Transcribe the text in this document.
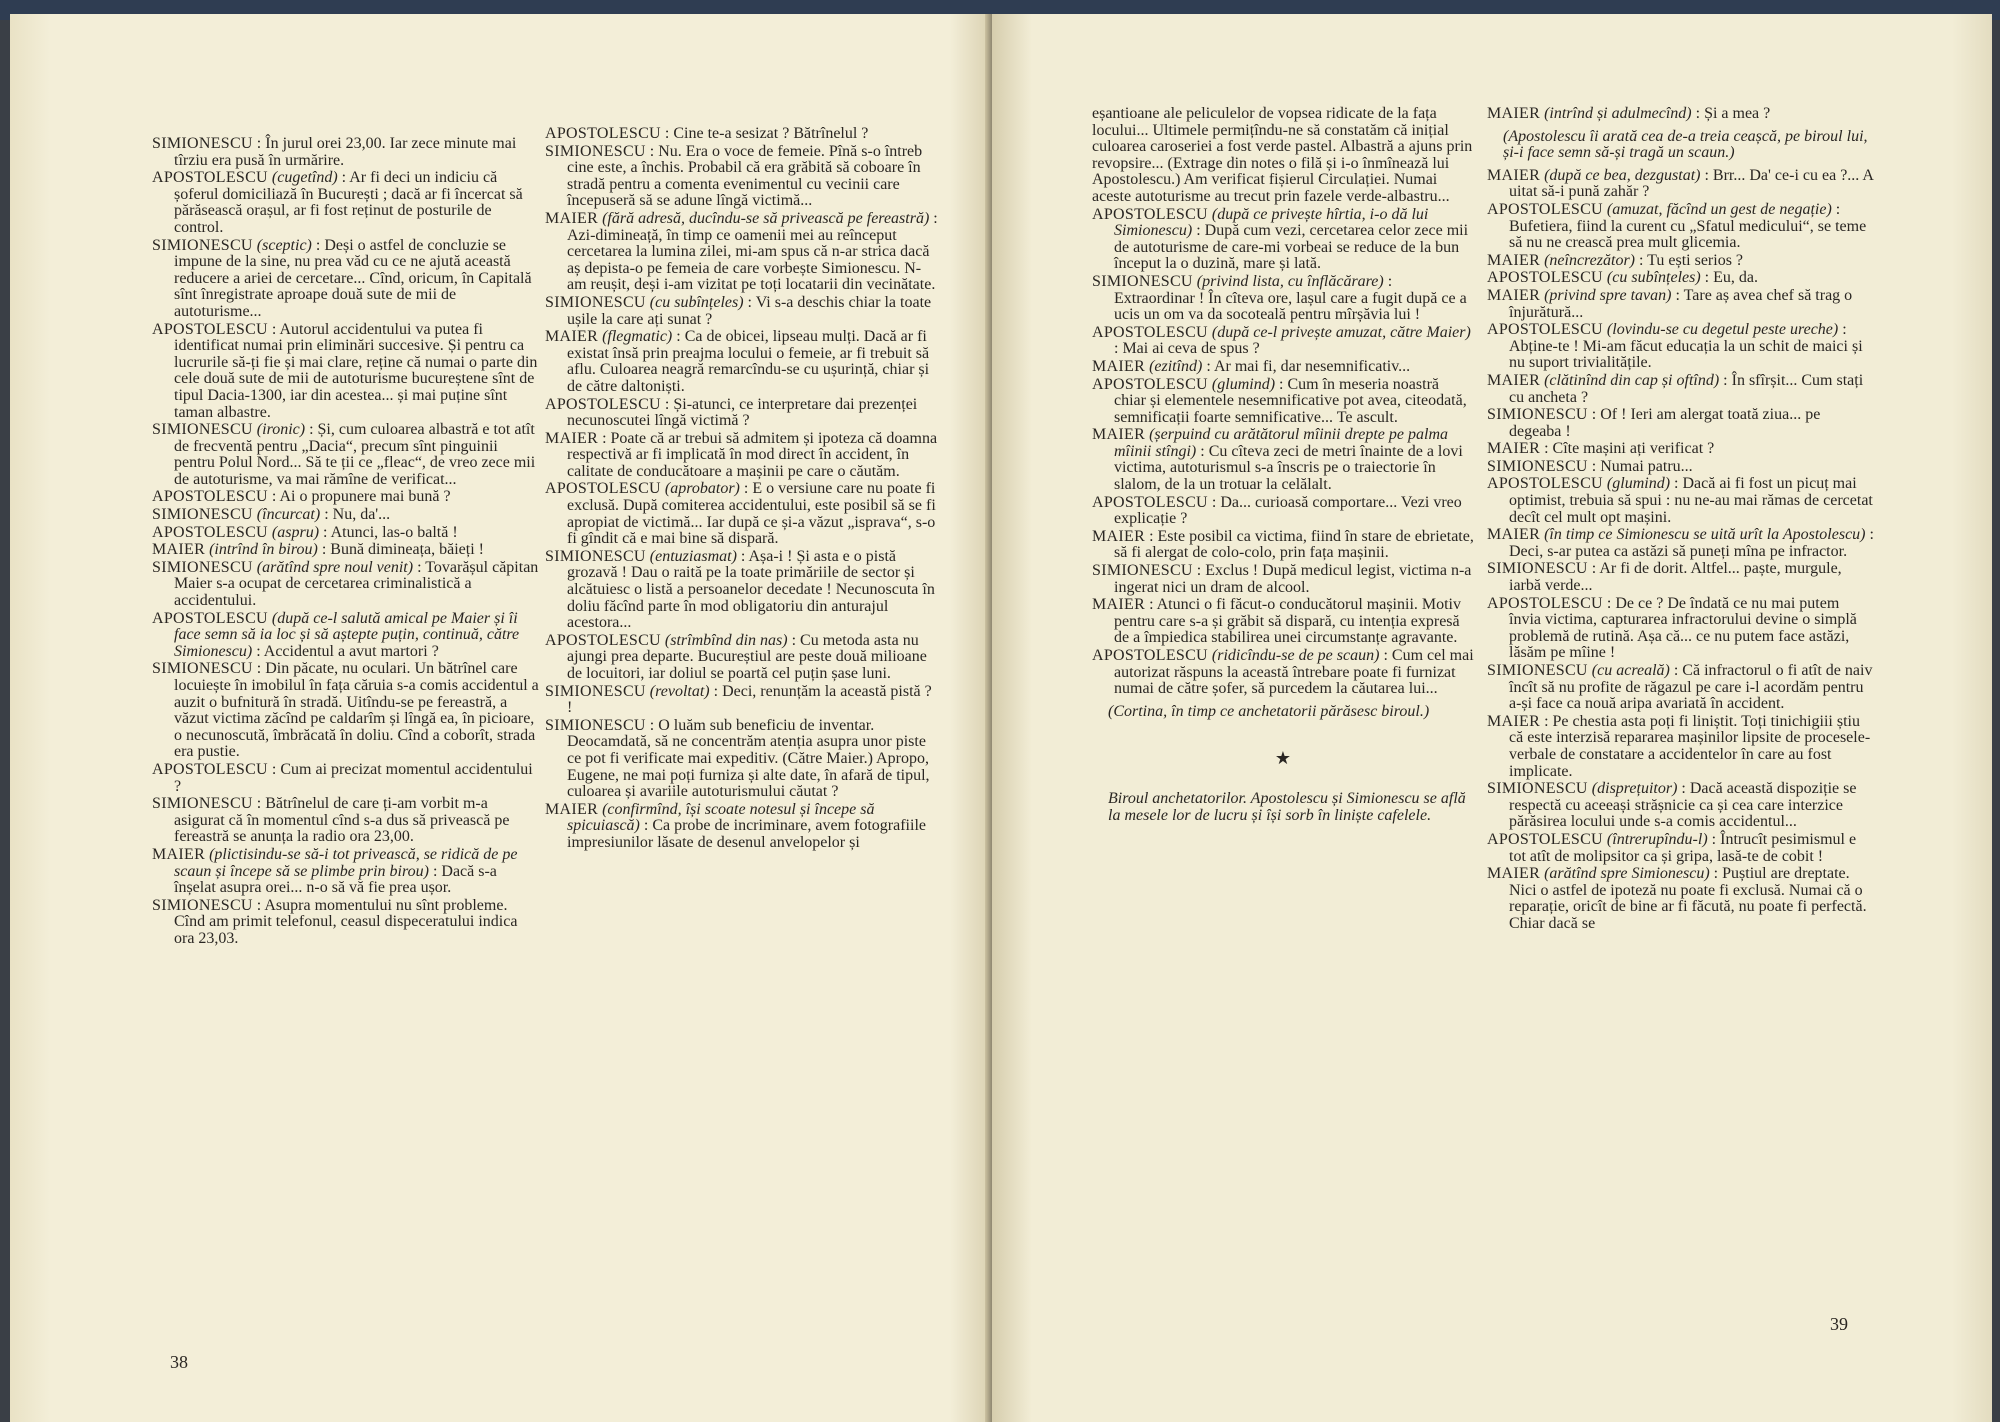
SIMIONESCU : În jurul orei 23,00. Iar zece minute mai tîrziu era pusă în urmărire.

APOSTOLESCU (cugetînd) : Ar fi deci un indiciu că șoferul domiciliază în București ; dacă ar fi încercat să părăsească orașul, ar fi fost reținut de posturile de control.

SIMIONESCU (sceptic) : Deși o astfel de concluzie se impune de la sine, nu prea văd cu ce ne ajută această reducere a ariei de cercetare... Cînd, oricum, în Capitală sînt înregistrate aproape două sute de mii de autoturisme...

APOSTOLESCU : Autorul accidentului va putea fi identificat numai prin eliminări succesive. Și pentru ca lucrurile să-ți fie și mai clare, reține că numai o parte din cele două sute de mii de autoturisme bucureștene sînt de tipul Dacia-1300, iar din acestea... și mai puține sînt taman albastre.

SIMIONESCU (ironic) : Și, cum culoarea albastră e tot atît de frecventă pentru „Dacia“, precum sînt pinguinii pentru Polul Nord... Să te ții ce „fleac“, de vreo zece mii de autoturisme, va mai rămîne de verificat...

APOSTOLESCU : Ai o propunere mai bună ?

SIMIONESCU (încurcat) : Nu, da'...

APOSTOLESCU (aspru) : Atunci, las-o baltă !

MAIER (intrînd în birou) : Bună dimineața, băieți !

SIMIONESCU (arătînd spre noul venit) : Tovarășul căpitan Maier s-a ocupat de cercetarea criminalistică a accidentului.

APOSTOLESCU (după ce-l salută amical pe Maier și îi face semn să ia loc și să aștepte puțin, continuă, către Simionescu) : Accidentul a avut martori ?

SIMIONESCU : Din păcate, nu oculari. Un bătrînel care locuiește în imobilul în fața căruia s-a comis accidentul a auzit o bufnitură în stradă. Uitîndu-se pe fereastră, a văzut victima zăcînd pe caldarîm și lîngă ea, în picioare, o necunoscută, îmbrăcată în doliu. Cînd a coborît, strada era pustie.

APOSTOLESCU : Cum ai precizat momentul accidentului ?

SIMIONESCU : Bătrînelul de care ți-am vorbit m-a asigurat că în momentul cînd s-a dus să privească pe fereastră se anunța la radio ora 23,00.

MAIER (plictisindu-se să-i tot privească, se ridică de pe scaun și începe să se plimbe prin birou) : Dacă s-a înșelat asupra orei... n-o să vă fie prea ușor.

SIMIONESCU : Asupra momentului nu sînt probleme. Cînd am primit telefonul, ceasul dispeceratului indica ora 23,03.

APOSTOLESCU : Cine te-a sesizat ? Bătrînelul ?

SIMIONESCU : Nu. Era o voce de femeie. Pînă s-o întreb cine este, a închis. Probabil că era grăbită să coboare în stradă pentru a comenta evenimentul cu vecinii care începuseră să se adune lîngă victimă...

MAIER (fără adresă, ducîndu-se să privească pe fereastră) : Azi-dimineață, în timp ce oamenii mei au reînceput cercetarea la lumina zilei, mi-am spus că n-ar strica dacă aș depista-o pe femeia de care vorbește Simionescu. N-am reușit, deși i-am vizitat pe toți locatarii din vecinătate.

SIMIONESCU (cu subînțeles) : Vi s-a deschis chiar la toate ușile la care ați sunat ?

MAIER (flegmatic) : Ca de obicei, lipseau mulți. Dacă ar fi existat însă prin preajma locului o femeie, ar fi trebuit să aflu. Culoarea neagră remarcîndu-se cu ușurință, chiar și de către daltoniști.

APOSTOLESCU : Și-atunci, ce interpretare dai prezenței necunoscutei lîngă victimă ?

MAIER : Poate că ar trebui să admitem și ipoteza că doamna respectivă ar fi implicată în mod direct în accident, în calitate de conducătoare a mașinii pe care o căutăm.

APOSTOLESCU (aprobator) : E o versiune care nu poate fi exclusă. După comiterea accidentului, este posibil să se fi apropiat de victimă... Iar după ce și-a văzut „isprava“, s-o fi gîndit că e mai bine să dispară.

SIMIONESCU (entuziasmat) : Așa-i ! Și asta e o pistă grozavă ! Dau o raită pe la toate primăriile de sector și alcătuiesc o listă a persoanelor decedate ! Necunoscuta în doliu făcînd parte în mod obligatoriu din anturajul acestora...

APOSTOLESCU (strîmbînd din nas) : Cu metoda asta nu ajungi prea departe. Bucureștiul are peste două milioane de locuitori, iar doliul se poartă cel puțin șase luni.

SIMIONESCU (revoltat) : Deci, renunțăm la această pistă ? !

SIMIONESCU : O luăm sub beneficiu de inventar. Deocamdată, să ne concentrăm atenția asupra unor piste ce pot fi verificate mai expeditiv. (Către Maier.) Apropo, Eugene, ne mai poți furniza și alte date, în afară de tipul, culoarea și avariile autoturismului căutat ?

MAIER (confirmînd, își scoate notesul și începe să spicuiască) : Ca probe de incriminare, avem fotografiile impresiunilor lăsate de desenul anvelopelor și

38

eșantioane ale peliculelor de vopsea ridicate de la fața locului... Ultimele permițîndu-ne să constatăm că inițial culoarea caroseriei a fost verde pastel. Albastră a ajuns prin revopsire... (Extrage din notes o filă și i-o înmînează lui Apostolescu.) Am verificat fișierul Circulației. Numai aceste autoturisme au trecut prin fazele verde-albastru...

APOSTOLESCU (după ce privește hîrtia, i-o dă lui Simionescu) : După cum vezi, cercetarea celor zece mii de autoturisme de care-mi vorbeai se reduce de la bun început la o duzină, mare și lată.

SIMIONESCU (privind lista, cu înflăcărare) : Extraordinar ! În cîteva ore, lașul care a fugit după ce a ucis un om va da socoteală pentru mîrșăvia lui !

APOSTOLESCU (după ce-l privește amuzat, către Maier) : Mai ai ceva de spus ?

MAIER (ezitînd) : Ar mai fi, dar nesemnificativ...

APOSTOLESCU (glumind) : Cum în meseria noastră chiar și elementele nesemnificative pot avea, citeodată, semnificații foarte semnificative... Te ascult.

MAIER (șerpuind cu arătătorul mîinii drepte pe palma mîinii stîngi) : Cu cîteva zeci de metri înainte de a lovi victima, autoturismul s-a înscris pe o traiectorie în slalom, de la un trotuar la celălalt.

APOSTOLESCU : Da... curioasă comportare... Vezi vreo explicație ?

MAIER : Este posibil ca victima, fiind în stare de ebrietate, să fi alergat de colo-colo, prin fața mașinii.

SIMIONESCU : Exclus ! După medicul legist, victima n-a ingerat nici un dram de alcool.

MAIER : Atunci o fi făcut-o conducătorul mașinii. Motiv pentru care s-a și grăbit să dispară, cu intenția expresă de a împiedica stabilirea unei circumstanțe agravante.

APOSTOLESCU (ridicîndu-se de pe scaun) : Cum cel mai autorizat răspuns la această întrebare poate fi furnizat numai de către șofer, să purcedem la căutarea lui...

(Cortina, în timp ce anchetatorii părăsesc biroul.)

★

Biroul anchetatorilor. Apostolescu și Simionescu se află la mesele lor de lucru și își sorb în liniște cafelele.

MAIER (intrînd și adulmecînd) : Și a mea ?

(Apostolescu îi arată cea de-a treia ceașcă, pe biroul lui, și-i face semn să-și tragă un scaun.)

MAIER (după ce bea, dezgustat) : Brr... Da' ce-i cu ea ?... A uitat să-i pună zahăr ?

APOSTOLESCU (amuzat, făcînd un gest de negație) : Bufetiera, fiind la curent cu „Sfatul medicului“, se teme să nu ne crească prea mult glicemia.

MAIER (neîncrezător) : Tu ești serios ?

APOSTOLESCU (cu subînțeles) : Eu, da.

MAIER (privind spre tavan) : Tare aș avea chef să trag o înjurătură...

APOSTOLESCU (lovindu-se cu degetul peste ureche) : Abține-te ! Mi-am făcut educația la un schit de maici și nu suport trivialitățile.

MAIER (clătinînd din cap și oftînd) : În sfîrșit... Cum stați cu ancheta ?

SIMIONESCU : Of ! Ieri am alergat toată ziua... pe degeaba !

MAIER : Cîte mașini ați verificat ?

SIMIONESCU : Numai patru...

APOSTOLESCU (glumind) : Dacă ai fi fost un picuț mai optimist, trebuia să spui : nu ne-au mai rămas de cercetat decît cel mult opt mașini.

MAIER (în timp ce Simionescu se uită urît la Apostolescu) : Deci, s-ar putea ca astăzi să puneți mîna pe infractor.

SIMIONESCU : Ar fi de dorit. Altfel... paște, murgule, iarbă verde...

APOSTOLESCU : De ce ? De îndată ce nu mai putem învia victima, capturarea infractorului devine o simplă problemă de rutină. Așa că... ce nu putem face astăzi, lăsăm pe mîine !

SIMIONESCU (cu acreală) : Că infractorul o fi atît de naiv încît să nu profite de răgazul pe care i-l acordăm pentru a-și face ca nouă aripa avariată în accident.

MAIER : Pe chestia asta poți fi liniștit. Toți tinichigiii știu că este interzisă repararea mașinilor lipsite de procesele-verbale de constatare a accidentelor în care au fost implicate.

SIMIONESCU (disprețuitor) : Dacă această dispoziție se respectă cu aceeași strășnicie ca și cea care interzice părăsirea locului unde s-a comis accidentul...

APOSTOLESCU (întrerupîndu-l) : Întrucît pesimismul e tot atît de molipsitor ca și gripa, lasă-te de cobit !

MAIER (arătînd spre Simionescu) : Puștiul are dreptate. Nici o astfel de ipoteză nu poate fi exclusă. Numai că o reparație, oricît de bine ar fi făcută, nu poate fi perfectă. Chiar dacă se

39
